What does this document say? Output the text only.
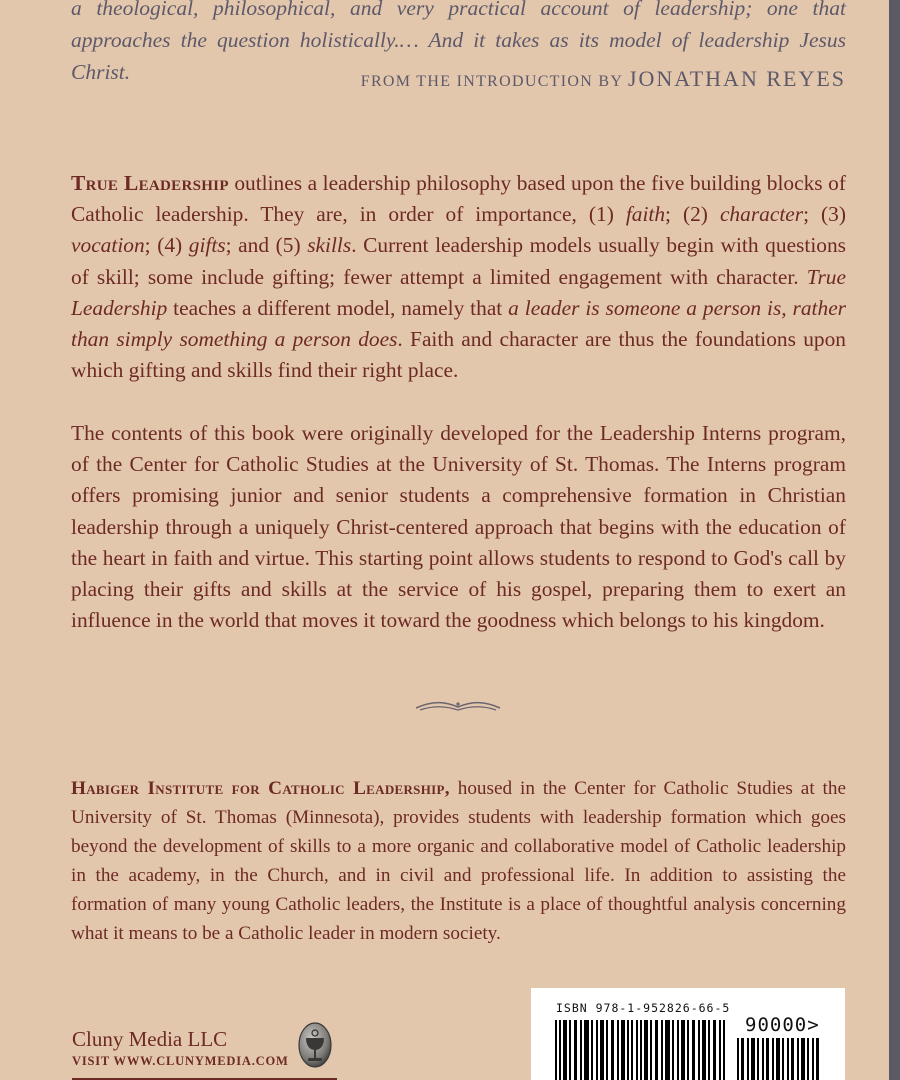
a theological, philosophical, and very practical account of leadership; one that approaches the question holistically.… And it takes as its model of leadership Jesus Christ.	FROM THE INTRODUCTION BY JONATHAN REYES

True Leadership outlines a leadership philosophy based upon the five building blocks of Catholic leadership. They are, in order of importance, (1) faith; (2) character; (3) vocation; (4) gifts; and (5) skills. Current leadership models usually begin with questions of skill; some include gifting; fewer attempt a limited engagement with character. True Leadership teaches a different model, namely that a leader is someone a person is, rather than simply something a person does. Faith and character are thus the foundations upon which gifting and skills find their right place.

The contents of this book were originally developed for the Leadership Interns program, of the Center for Catholic Studies at the University of St. Thomas. The Interns program offers promising junior and senior students a comprehensive formation in Christian leadership through a uniquely Christ-centered approach that begins with the education of the heart in faith and virtue. This starting point allows students to respond to God's call by placing their gifts and skills at the service of his gospel, preparing them to exert an influence in the world that moves it toward the goodness which belongs to his kingdom.

Habiger Institute for Catholic Leadership, housed in the Center for Catholic Studies at the University of St. Thomas (Minnesota), provides students with leadership formation which goes beyond the development of skills to a more organic and collaborative model of Catholic leadership in the academy, in the Church, and in civil and professional life. In addition to assisting the formation of many young Catholic leaders, the Institute is a place of thoughtful analysis concerning what it means to be a Catholic leader in modern society.

Cluny Media LLC
VISIT WWW.CLUNYMEDIA.COM
ISBN 978-1-952826-66-5
90000>
